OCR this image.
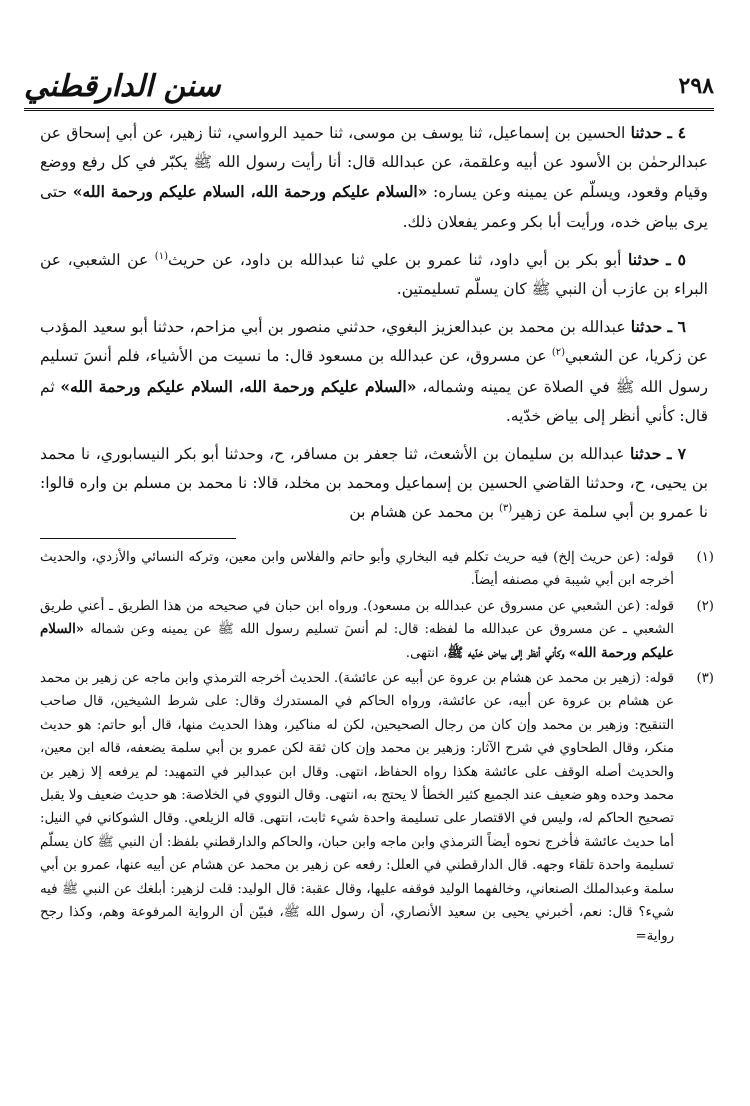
٢٩٨
سنن الدارقطني

٤ ـ حدثنا الحسين بن إسماعيل، ثنا يوسف بن موسى، ثنا حميد الرواسي، ثنا زهير، عن أبي إسحاق عن عبدالرحمٰن بن الأسود عن أبيه وعلقمة، عن عبدالله قال: أنا رأيت رسول الله ﷺ يكبّر في كل رفع ووضع وقيام وقعود، ويسلّم عن يمينه وعن يساره: «السلام عليكم ورحمة الله، السلام عليكم ورحمة الله» حتى يرى بياض خده، ورأيت أبا بكر وعمر يفعلان ذلك.

٥ ـ حدثنا أبو بكر بن أبي داود، ثنا عمرو بن علي ثنا عبدالله بن داود، عن حريث$^{(١)}$ عن الشعبي، عن البراء بن عازب أن النبي ﷺ كان يسلّم تسليمتين.

٦ ـ حدثنا عبدالله بن محمد بن عبدالعزيز البغوي، حدثني منصور بن أبي مزاحم، حدثنا أبو سعيد المؤدب عن زكريا، عن الشعبي$^{(٢)}$ عن مسروق، عن عبدالله بن مسعود قال: ما نسيت من الأشياء، فلم أنسَ تسليم رسول الله ﷺ في الصلاة عن يمينه وشماله، «السلام عليكم ورحمة الله، السلام عليكم ورحمة الله» ثم قال: كأني أنظر إلى بياض خدّيه.

٧ ـ حدثنا عبدالله بن سليمان بن الأشعث، ثنا جعفر بن مسافر، ح، وحدثنا أبو بكر النيسابوري، نا محمد بن يحيى، ح، وحدثنا القاضي الحسين بن إسماعيل ومحمد بن مخلد، قالا: نا محمد بن مسلم بن واره قالوا: نا عمرو بن أبي سلمة عن زهير$^{(٣)}$ بن محمد عن هشام بن

(١)
قوله: (عن حريث إلخ) فيه حريث تكلم فيه البخاري وأبو حاتم والفلاس وابن معين، وتركه النسائي والأزدي، والحديث أخرجه ابن أبي شيبة في مصنفه أيضاً.
(٢)
قوله: (عن الشعبي عن مسروق عن عبدالله بن مسعود). ورواه ابن حبان في صحيحه من هذا الطريق ـ أعني طريق الشعبي ـ عن مسروق عن عبدالله ما لفظه: قال: لم أنسَ تسليم رسول الله ﷺ عن يمينه وعن شماله «السلام عليكم ورحمة الله» وكأني أنظر إلى بياض خدّيه ﷺ، انتهى.
(٣)
قوله: (زهير بن محمد عن هشام بن عروة عن أبيه عن عائشة). الحديث أخرجه الترمذي وابن ماجه عن زهير بن محمد عن هشام بن عروة عن أبيه، عن عائشة، ورواه الحاكم في المستدرك وقال: على شرط الشيخين، قال صاحب التنقيح: وزهير بن محمد وإن كان من رجال الصحيحين، لكن له مناكير، وهذا الحديث منها، قال أبو حاتم: هو حديث منكر، وقال الطحاوي في شرح الآثار: وزهير بن محمد وإن كان ثقة لكن عمرو بن أبي سلمة يضعفه، قاله ابن معين، والحديث أصله الوقف على عائشة هكذا رواه الحفاظ، انتهى. وقال ابن عبدالبر في التمهيد: لم يرفعه إلا زهير بن محمد وحده وهو ضعيف عند الجميع كثير الخطأ لا يحتج به، انتهى. وقال النووي في الخلاصة: هو حديث ضعيف ولا يقبل تصحيح الحاكم له، وليس في الاقتصار على تسليمة واحدة شيء ثابت، انتهى. قاله الزيلعي. وقال الشوكاني في النيل: أما حديث عائشة فأخرج نحوه أيضاً الترمذي وابن ماجه وابن حبان، والحاكم والدارقطني بلفظ: أن النبي ﷺ كان يسلّم تسليمة واحدة تلقاء وجهه. قال الدارقطني في العلل: رفعه عن زهير بن محمد عن هشام عن أبيه عنها، عمرو بن أبي سلمة وعبدالملك الصنعاني، وخالفهما الوليد فوقفه عليها، وقال عقبة: قال الوليد: قلت لزهير: أبلغك عن النبي ﷺ فيه شيء؟ قال: نعم، أخبرني يحيى بن سعيد الأنصاري، أن رسول الله ﷺ، فبيّن أن الرواية المرفوعة وهم، وكذا رجح رواية=
